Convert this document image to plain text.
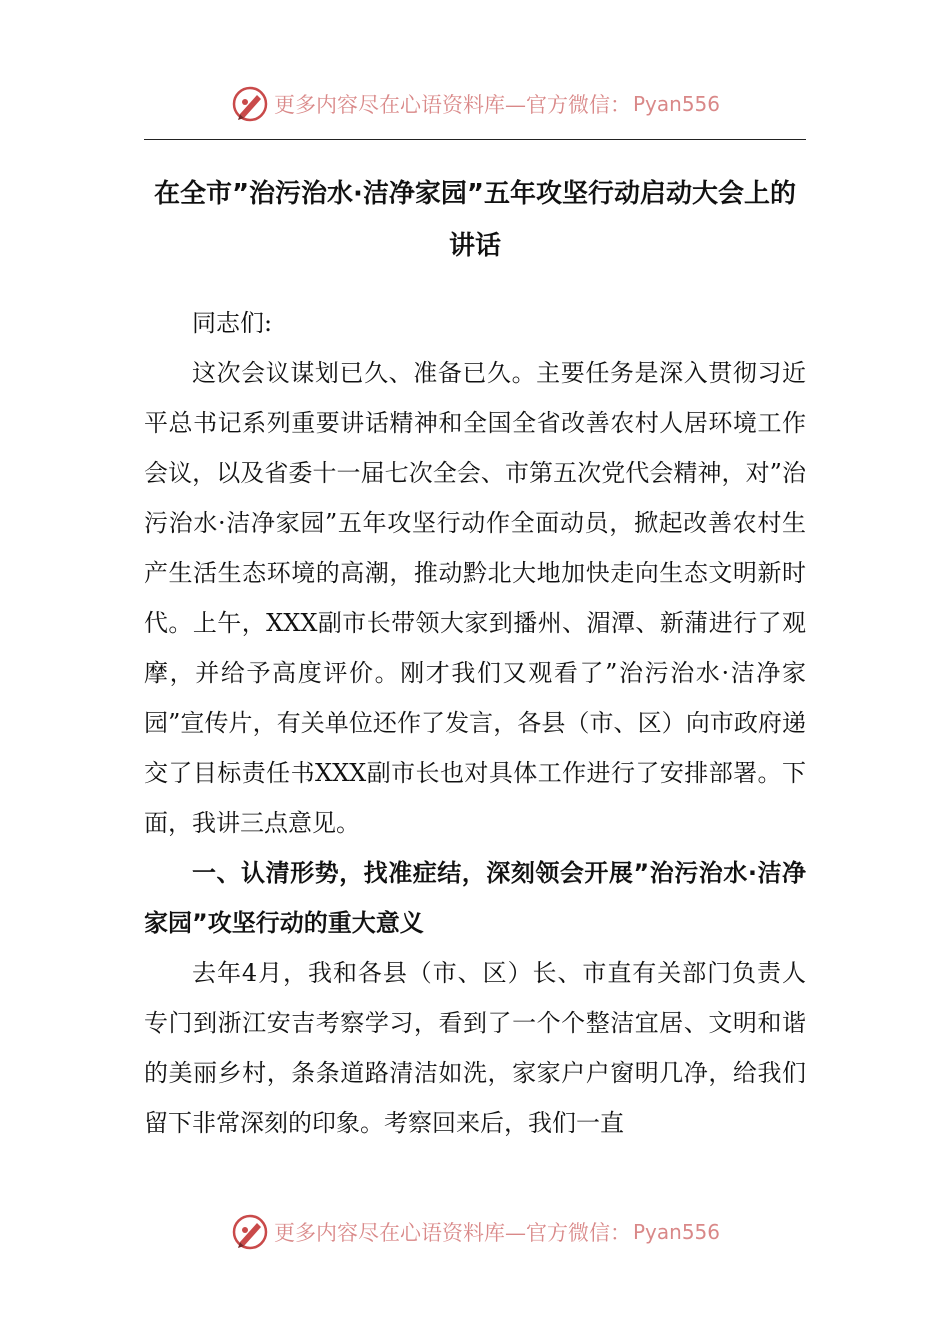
更多内容尽在心语资料库—官方微信： Pyan556
在全市”治污治水·洁净家园”五年攻坚行动启动大会上的讲话

同志们:

这次会议谋划已久、准备已久。主要任务是深入贯彻习近平总书记系列重要讲话精神和全国全省改善农村人居环境工作会议，以及省委十一届七次全会、市第五次党代会精神，对”治污治水·洁净家园”五年攻坚行动作全面动员，掀起改善农村生产生活生态环境的高潮，推动黔北大地加快走向生态文明新时代。上午，XXX副市长带领大家到播州、湄潭、新蒲进行了观摩，并给予高度评价。刚才我们又观看了”治污治水·洁净家园”宣传片，有关单位还作了发言，各县（市、区）向市政府递交了目标责任书XXX副市长也对具体工作进行了安排部署。下面，我讲三点意见。

一、认清形势，找准症结，深刻领会开展”治污治水·洁净家园”攻坚行动的重大意义

去年4月，我和各县（市、区）长、市直有关部门负责人专门到浙江安吉考察学习，看到了一个个整洁宜居、文明和谐的美丽乡村，条条道路清洁如洗，家家户户窗明几净，给我们留下非常深刻的印象。考察回来后，我们一直

更多内容尽在心语资料库—官方微信： Pyan556
